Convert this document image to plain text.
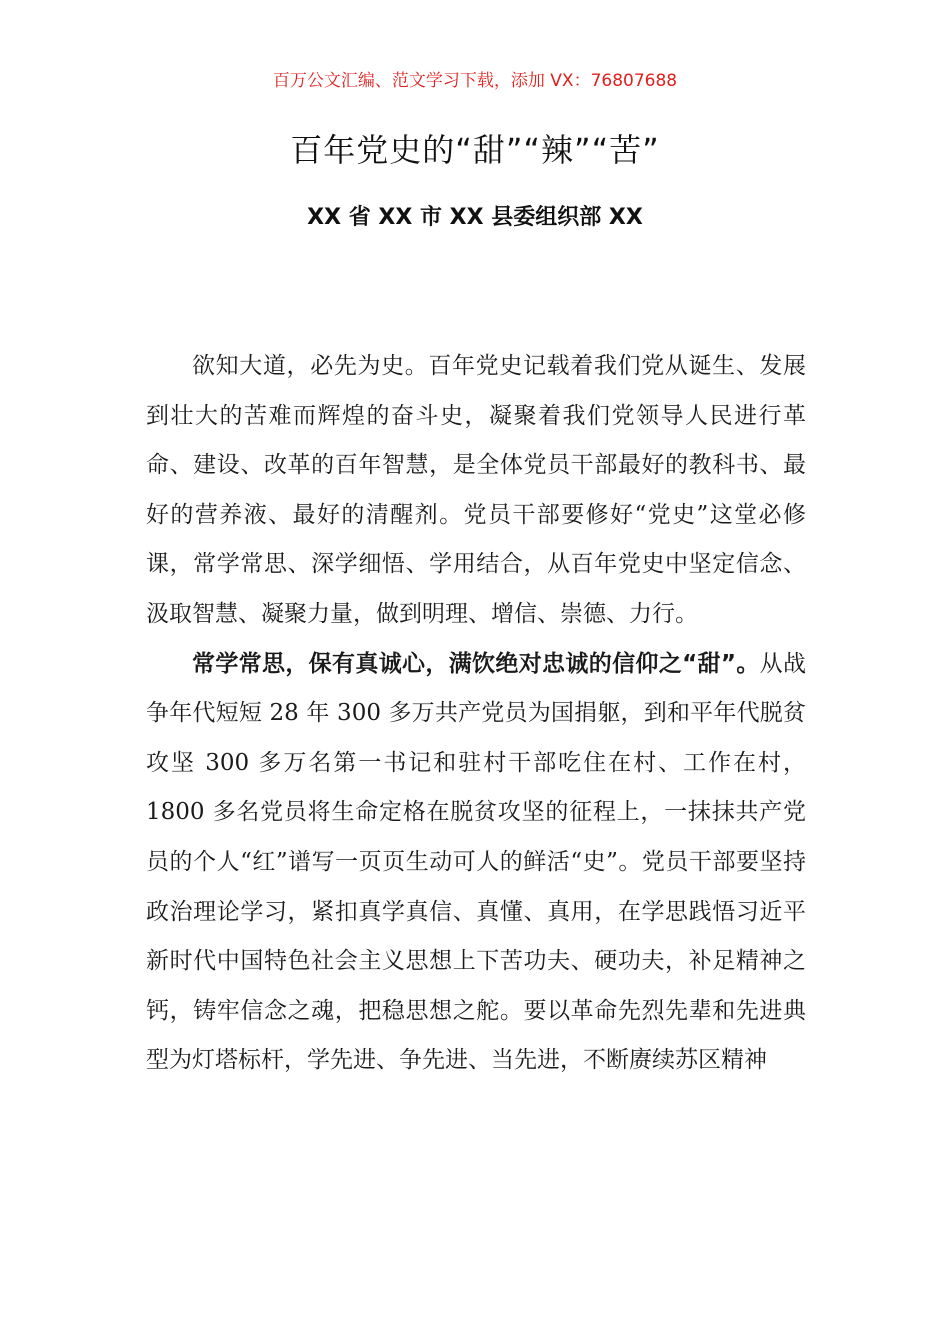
百万公文汇编、范文学习下载，添加 VX：76807688
百年党史的“甜”“辣”“苦”
XX 省 XX 市 XX 县委组织部 XX

欲知大道，必先为史。百年党史记载着我们党从诞生、发展到壮大的苦难而辉煌的奋斗史，凝聚着我们党领导人民进行革命、建设、改革的百年智慧，是全体党员干部最好的教科书、最好的营养液、最好的清醒剂。党员干部要修好“党史”这堂必修课，常学常思、深学细悟、学用结合，从百年党史中坚定信念、汲取智慧、凝聚力量，做到明理、增信、崇德、力行。

常学常思，保有真诚心，满饮绝对忠诚的信仰之“甜”。从战争年代短短 28 年 300 多万共产党员为国捐躯，到和平年代脱贫攻坚 300 多万名第一书记和驻村干部吃住在村、工作在村，1800 多名党员将生命定格在脱贫攻坚的征程上，一抹抹共产党员的个人“红”谱写一页页生动可人的鲜活“史”。党员干部要坚持政治理论学习，紧扣真学真信、真懂、真用，在学思践悟习近平新时代中国特色社会主义思想上下苦功夫、硬功夫，补足精神之钙，铸牢信念之魂，把稳思想之舵。要以革命先烈先辈和先进典型为灯塔标杆，学先进、争先进、当先进，不断赓续苏区精神
